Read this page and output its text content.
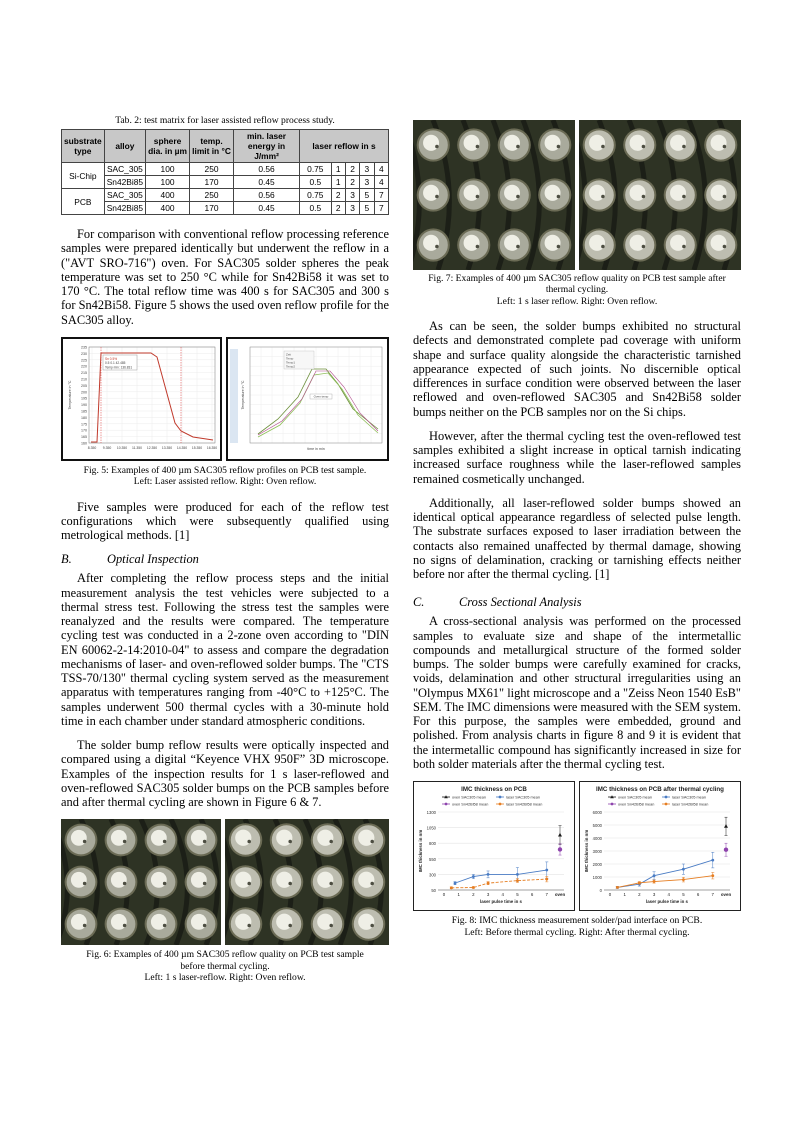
Tab. 2: test matrix for laser assisted reflow process study.
substrate type	alloy	sphere dia. in µm	temp. limit in °C	min. laser energy in J/mm²	laser reflow in s				
Si-Chip	SAC_305	100	250	0.56	0.75	1	2	3	4
	Sn42Bi85	100	170	0.45	0.5	1	2	3	4
PCB	SAC_305	400	250	0.56	0.75	2	3	5	7
	Sn42Bi85	400	170	0.45	0.5	2	3	5	7

For comparison with conventional reflow processing reference samples were prepared identically but underwent the reflow in a ("AVT SRO-716") oven. For SAC305 solder spheres the peak temperature was set to 250 °C while for Sn42Bi58 it was set to 170 °C. The total reflow time was 400 s for SAC305 and 300 s for Sn42Bi58. Figure 5 shows the used oven reflow profile for the SAC305 alloy.

235
230
225
220
215
210
205
200
195
190
185
180
175
170
165
160
8.350 9.350 10.350 11.350 12.350 13.350 14.350 15.350 16.350
Temperature in °C
Sn 0.5%
0.5 0.1 42.485
Temp min: 136.831
Temperature in °C
time in min
Oven temp
Zeit
Temp
Temp1
Temp2
Fig. 5: Examples of 400 µm SAC305 reflow profiles on PCB test sample.
Left: Laser assisted reflow. Right: Oven reflow.

Five samples were produced for each of the reflow test configurations which were subsequently qualified using metrological methods. [1]

B.	Optical Inspection

After completing the reflow process steps and the initial measurement analysis the test vehicles were subjected to a thermal stress test. Following the stress test the samples were reanalyzed and the results were compared. The temperature cycling test was conducted in a 2-zone oven according to "DIN EN 60062-2-14:2010-04" to assess and compare the degradation mechanisms of laser- and oven-reflowed solder bumps. The "CTS TSS-70/130" thermal cycling system served as the measurement apparatus with temperatures ranging from -40°C to +125°C. The samples underwent 500 thermal cycles with a 30-minute hold time in each chamber under standard atmospheric conditions.

The solder bump reflow results were optically inspected and compared using a digital “Keyence VHX 950F” 3D microscope. Examples of the inspection results for 1 s laser-reflowed and oven-reflowed SAC305 solder bumps on the PCB samples before and after thermal cycling are shown in Figure 6 & 7.

Fig. 6: Examples of 400 µm SAC305 reflow quality on PCB test sample
before thermal cycling.
Left: 1 s laser-reflow. Right: Oven reflow.
Fig. 7: Examples of 400 µm SAC305 reflow quality on PCB test sample after
thermal cycling.
Left: 1 s laser reflow. Right: Oven reflow.

As can be seen, the solder bumps exhibited no structural defects and demonstrated complete pad coverage with uniform shape and surface quality alongside the characteristic tarnished appearance expected of such joints. No discernible optical differences in surface condition were observed between the laser reflowed and oven-reflowed SAC305 and Sn42Bi58 solder bumps neither on the PCB samples nor on the Si chips.

However, after the thermal cycling test the oven-reflowed test samples exhibited a slight increase in optical tarnish indicating increased surface roughness while the laser-reflowed samples remained cosmetically unchanged.

Additionally, all laser-reflowed solder bumps showed an identical optical appearance regardless of selected pulse length. The substrate surfaces exposed to laser irradiation between the contacts also remained unaffected by thermal damage, showing no signs of delamination, cracking or tarnishing effects neither before nor after the thermal cycling. [1]

C.	Cross Sectional Analysis

A cross-sectional analysis was performed on the processed samples to evaluate size and shape of the intermetallic compounds and metallurgical structure of the formed solder bumps. The solder bumps were carefully examined for cracks, voids, delamination and other structural irregularities using an "Olympus MX61" light microscope and a "Zeiss Neon 1540 EsB" SEM. The IMC dimensions were measured with the SEM system. For this purpose, the samples were embedded, ground and polished. From analysis charts in figure 8 and 9 it is evident that the intermetallic compound has significantly increased in size for both solder materials after the thermal cycling test.

IMC thickness on PCB
50
300
550
800
1050
1300
0	1	2	3	4	5	6	7 oven
laser pulse time in s
IMC thickness in nm
oven SAC305 mean	laser SAC305 mean
oven Sn42Bi58 mean	laser Sn42Bi58 mean
IMC thickness on PCB after thermal cycling
0
1000
2000
3000
4000
5000
6000
0	1	2	3	4	5	6	7 oven
laser pulse time in s
IMC thickness in nm
oven SAC305 mean	laser SAC305 mean
oven Sn42Bi58 mean	laser Sn42Bi58 mean
Fig. 8: IMC thickness measurement solder/pad interface on PCB.
Left: Before thermal cycling. Right: After thermal cycling.
